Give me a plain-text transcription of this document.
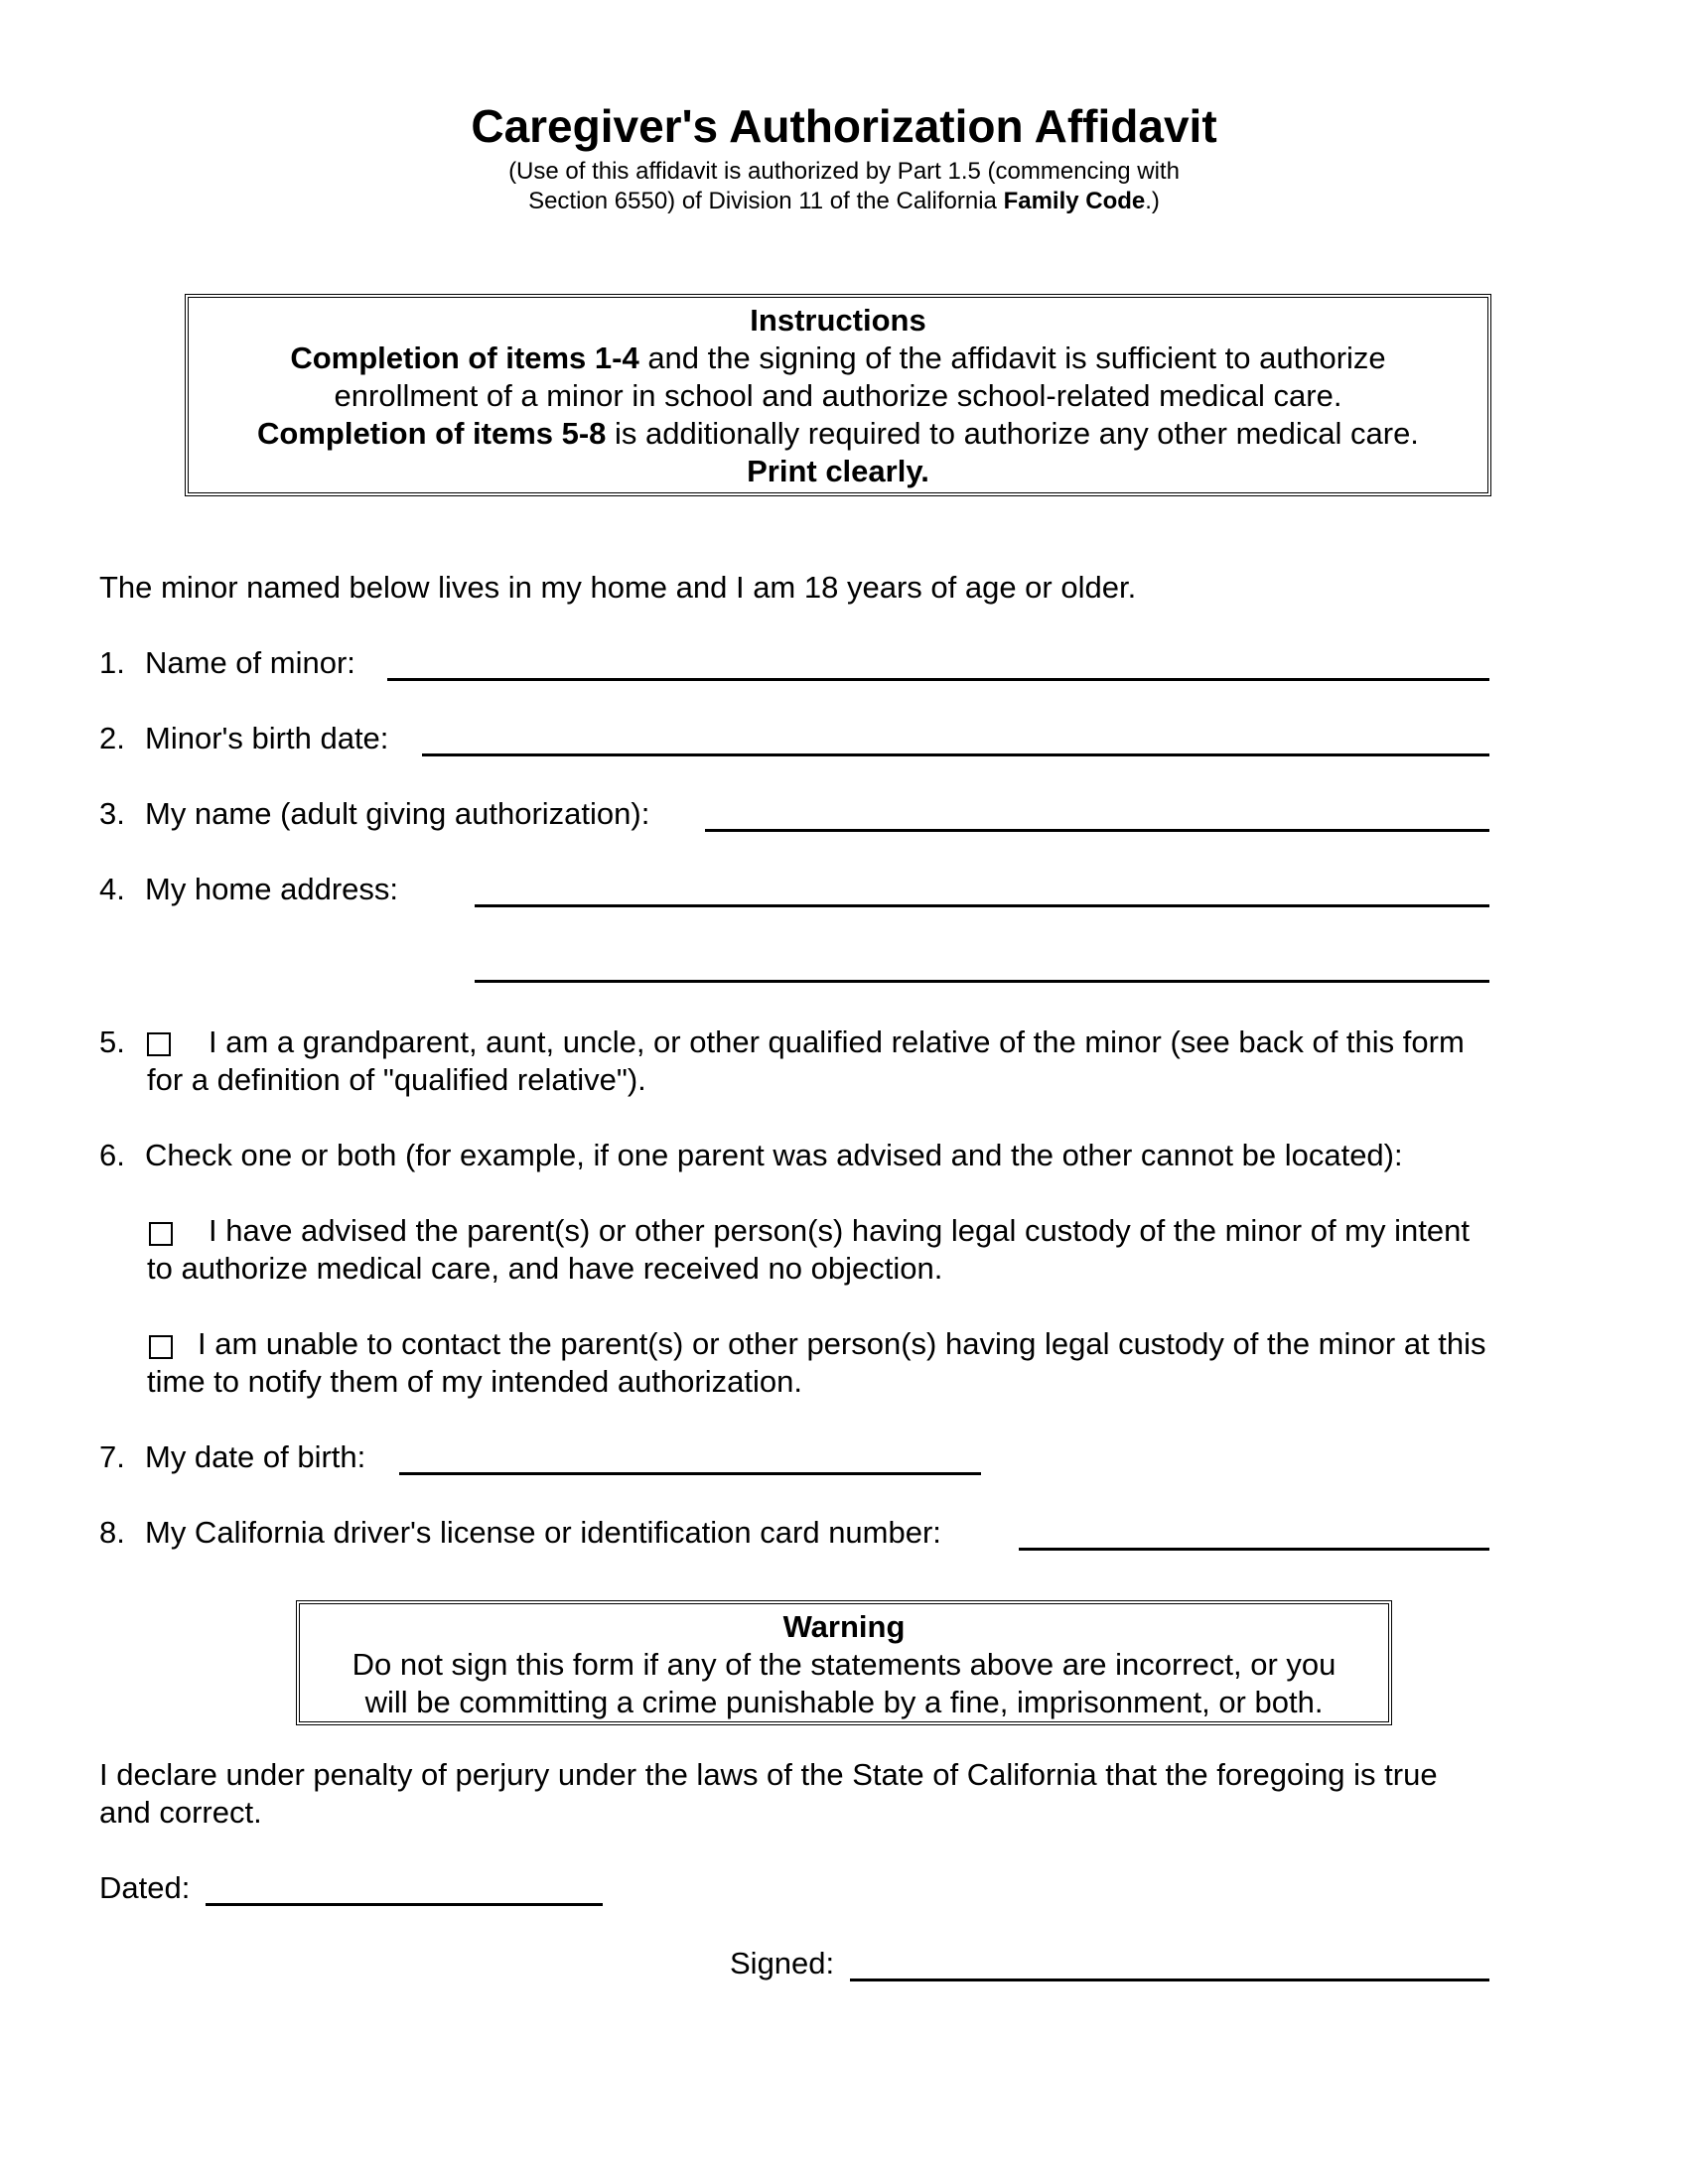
Caregiver's Authorization Affidavit
(Use of this affidavit is authorized by Part 1.5 (commencing with
Section 6550) of Division 11 of the California Family Code.)
Instructions
Completion of items 1-4 and the signing of the affidavit is sufficient to authorize
enrollment of a minor in school and authorize school-related medical care.
Completion of items 5-8 is additionally required to authorize any other medical care.
Print clearly.
The minor named below lives in my home and I am 18 years of age or older.
1. Name of minor:
2. Minor's birth date:
3. My name (adult giving authorization):
4. My home address:
5.	I am a grandparent, aunt, uncle, or other qualified relative of the minor (see back of this form
for a definition of "qualified relative").
6. Check one or both (for example, if one parent was advised and the other cannot be located):
I have advised the parent(s) or other person(s) having legal custody of the minor of my intent
to authorize medical care, and have received no objection.
I am unable to contact the parent(s) or other person(s) having legal custody of the minor at this
time to notify them of my intended authorization.
7. My date of birth:
8. My California driver's license or identification card number:
Warning
Do not sign this form if any of the statements above are incorrect, or you
will be committing a crime punishable by a fine, imprisonment, or both.
I declare under penalty of perjury under the laws of the State of California that the foregoing is true
and correct.
Dated:
Signed:
